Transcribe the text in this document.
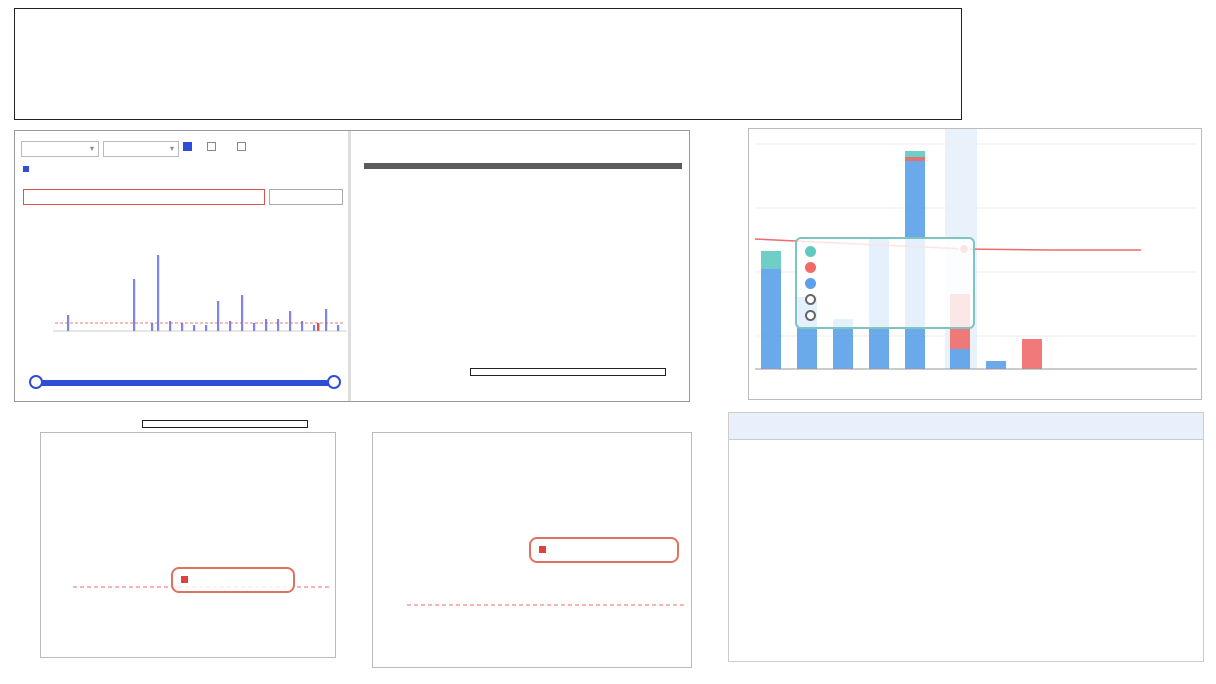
▾	▾
